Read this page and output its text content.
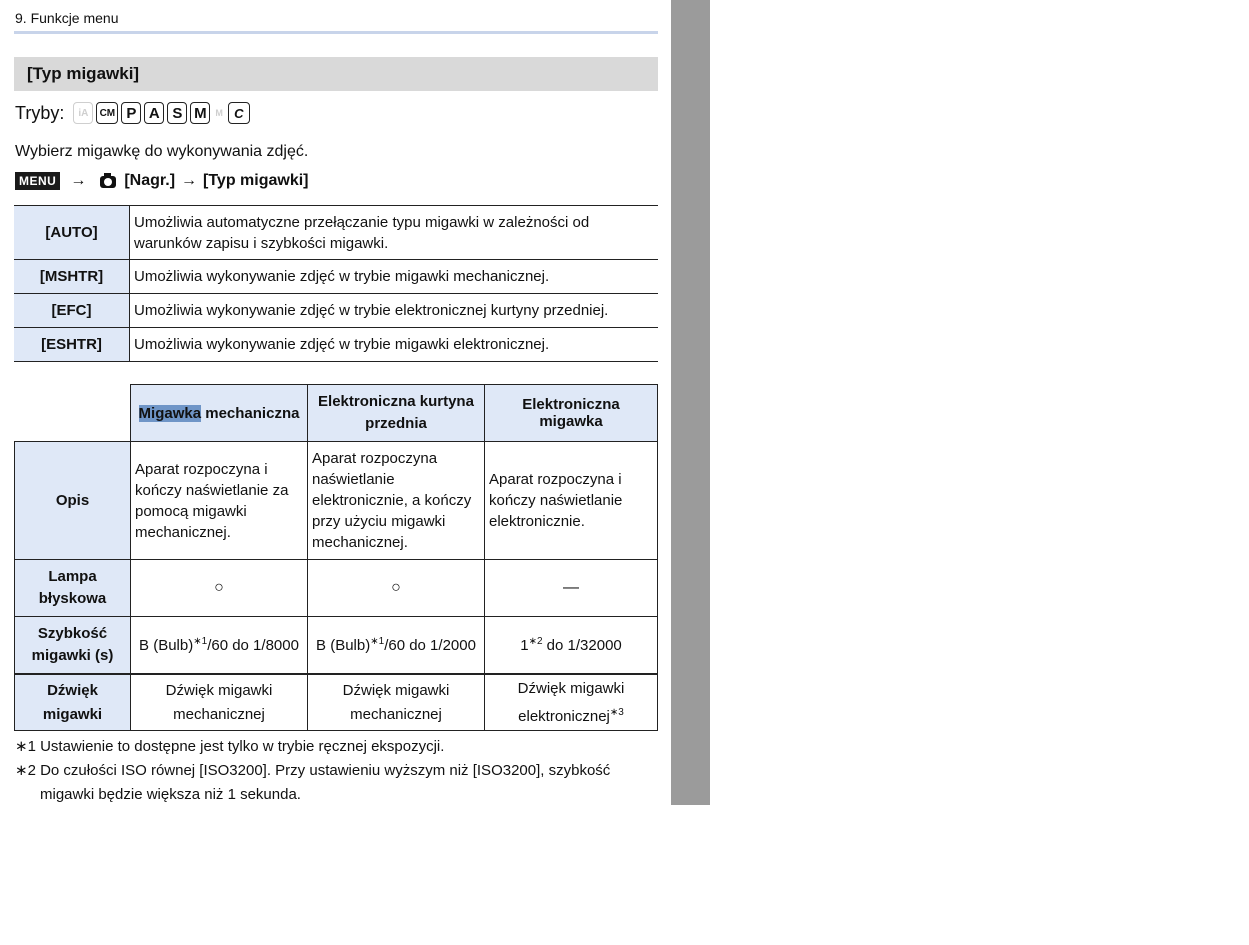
9. Funkcje menu
[Typ migawki]
Tryby:	iA	CM P A S M M C
Wybierz migawkę do wykonywania zdjęć.
MENU → [Nagr.] → [Typ migawki]
[AUTO]	Umożliwia automatyczne przełączanie typu migawki w zależności od warunków zapisu i szybkości migawki.
[MSHTR]	Umożliwia wykonywanie zdjęć w trybie migawki mechanicznej.
[EFC]	Umożliwia wykonywanie zdjęć w trybie elektronicznej kurtyny przedniej.
[ESHTR]	Umożliwia wykonywanie zdjęć w trybie migawki elektronicznej.
	Migawka mechaniczna	Elektroniczna kurtyna przednia	Elektroniczna migawka
Opis	Aparat rozpoczyna i kończy naświetlanie za pomocą migawki mechanicznej.	Aparat rozpoczyna naświetlanie elektronicznie, a kończy przy użyciu migawki mechanicznej.	Aparat rozpoczyna i kończy naświetlanie elektronicznie.
Lampa błyskowa	○	○	—
Szybkość migawki (s)	B (Bulb)$^{∗1}$/60 do 1/8000	B (Bulb)$^{∗1}$/60 do 1/2000	$1^{∗2}$ do 1/32000
Dźwięk migawki	Dźwięk migawki mechanicznej	Dźwięk migawki mechanicznej	Dźwięk migawki elektronicznej$^{∗3}$
∗1 Ustawienie to dostępne jest tylko w trybie ręcznej ekspozycji.
∗2 Do czułości ISO równej [ISO3200]. Przy ustawieniu wyższym niż [ISO3200], szybkość migawki będzie większa niż 1 sekunda.
